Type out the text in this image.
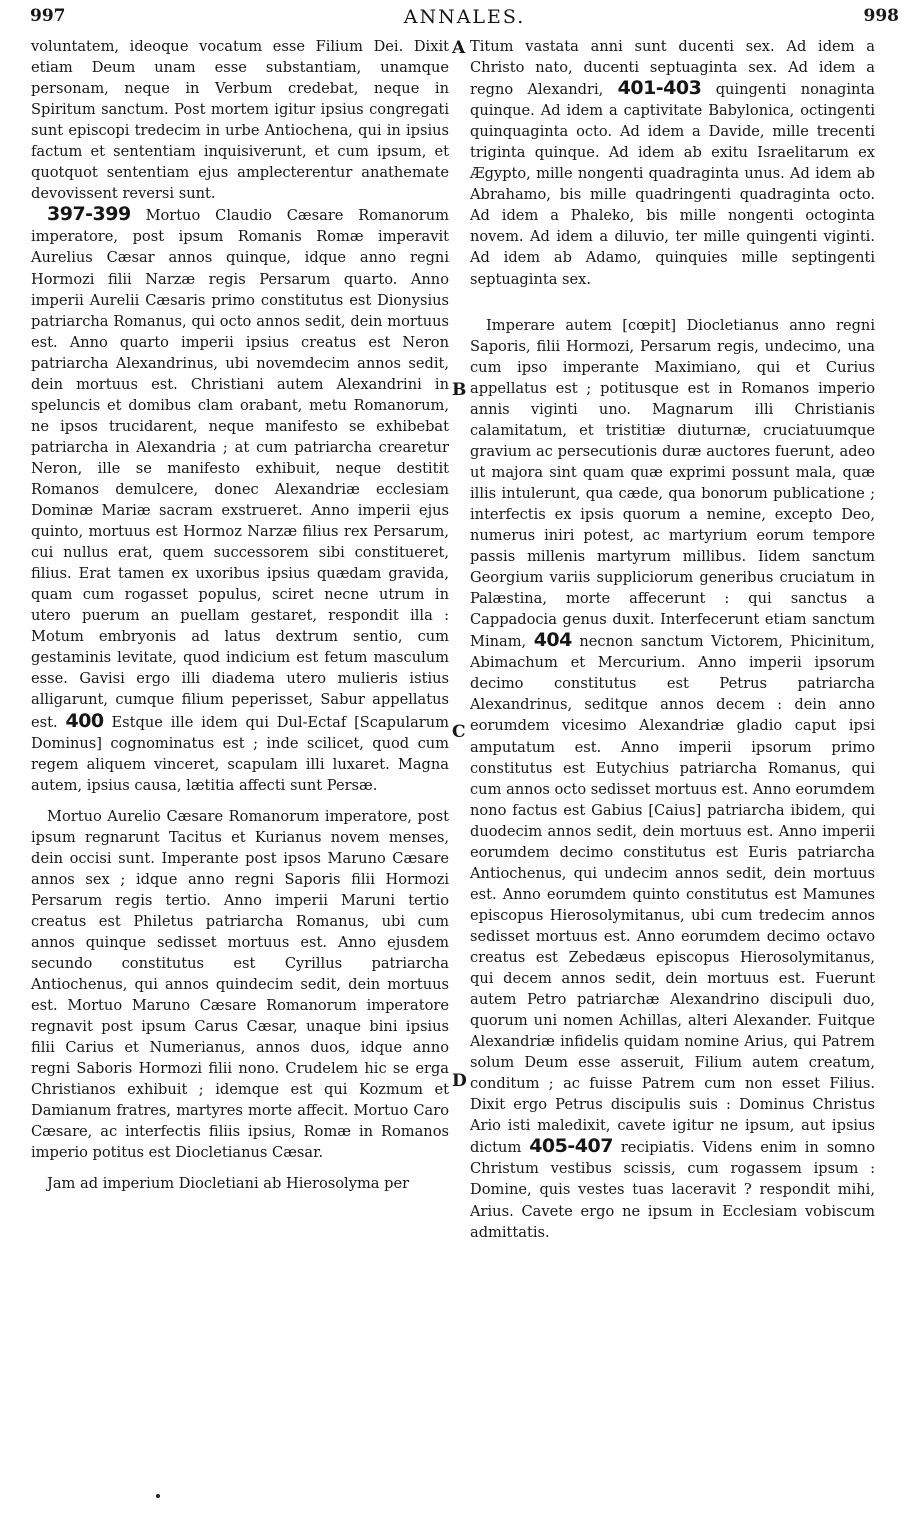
997	ANNALES.	998

voluntatem, ideoque vocatum esse Filium Dei. Dixit etiam Deum unam esse substantiam, unamque personam, neque in Verbum credebat, neque in Spiritum sanctum. Post mortem igitur ipsius congregati sunt episcopi tredecim in urbe Antiochena, qui in ipsius factum et sententiam inquisiverunt, et cum ipsum, et quotquot sententiam ejus amplecterentur anathemate devovissent reversi sunt.

397-399 Mortuo Claudio Cæsare Romanorum imperatore, post ipsum Romanis Romæ imperavit Aurelius Cæsar annos quinque, idque anno regni Hormozi filii Narzæ regis Persarum quarto. Anno imperii Aurelii Cæsaris primo constitutus est Dionysius patriarcha Romanus, qui octo annos sedit, dein mortuus est. Anno quarto imperii ipsius creatus est Neron patriarcha Alexandrinus, ubi novemdecim annos sedit, dein mortuus est. Christiani autem Alexandrini in speluncis et domibus clam orabant, metu Romanorum, ne ipsos trucidarent, neque manifesto se exhibebat patriarcha in Alexandria ; at cum patriarcha crearetur Neron, ille se manifesto exhibuit, neque destitit Romanos demulcere, donec Alexandriæ ecclesiam Dominæ Mariæ sacram exstrueret. Anno imperii ejus quinto, mortuus est Hormoz Narzæ filius rex Persarum, cui nullus erat, quem successorem sibi constitueret, filius. Erat tamen ex uxoribus ipsius quædam gravida, quam cum rogasset populus, sciret necne utrum in utero puerum an puellam gestaret, respondit illa : Motum embryonis ad latus dextrum sentio, cum gestaminis levitate, quod indicium est fetum masculum esse. Gavisi ergo illi diadema utero mulieris istius alligarunt, cumque filium peperisset, Sabur appellatus est. 400 Estque ille idem qui Dul-Ectaf [Scapularum Dominus] cognominatus est ; inde scilicet, quod cum regem aliquem vinceret, scapulam illi luxaret. Magna autem, ipsius causa, lætitia affecti sunt Persæ.

Mortuo Aurelio Cæsare Romanorum imperatore, post ipsum regnarunt Tacitus et Kurianus novem menses, dein occisi sunt. Imperante post ipsos Maruno Cæsare annos sex ; idque anno regni Saporis filii Hormozi Persarum regis tertio. Anno imperii Maruni tertio creatus est Philetus patriarcha Romanus, ubi cum annos quinque sedisset mortuus est. Anno ejusdem secundo constitutus est Cyrillus patriarcha Antiochenus, qui annos quindecim sedit, dein mortuus est. Mortuo Maruno Cæsare Romanorum imperatore regnavit post ipsum Carus Cæsar, unaque bini ipsius filii Carius et Numerianus, annos duos, idque anno regni Saboris Hormozi filii nono. Crudelem hic se erga Christianos exhibuit ; idemque est qui Kozmum et Damianum fratres, martyres morte affecit. Mortuo Caro Cæsare, ac interfectis filiis ipsius, Romæ in Romanos imperio potitus est Diocletianus Cæsar.

Jam ad imperium Diocletiani ab Hierosolyma per

Titum vastata anni sunt ducenti sex. Ad idem a Christo nato, ducenti septuaginta sex. Ad idem a regno Alexandri, 401-403 quingenti nonaginta quinque. Ad idem a captivitate Babylonica, octingenti quinquaginta octo. Ad idem a Davide, mille trecenti triginta quinque. Ad idem ab exitu Israelitarum ex Ægypto, mille nongenti quadraginta unus. Ad idem ab Abrahamo, bis mille quadringenti quadraginta octo. Ad idem a Phaleko, bis mille nongenti octoginta novem. Ad idem a diluvio, ter mille quingenti viginti. Ad idem ab Adamo, quinquies mille septingenti septuaginta sex.

Imperare autem [cœpit] Diocletianus anno regni Saporis, filii Hormozi, Persarum regis, undecimo, una cum ipso imperante Maximiano, qui et Curius appellatus est ; potitusque est in Romanos imperio annis viginti uno. Magnarum illi Christianis calamitatum, et tristitiæ diuturnæ, cruciatuumque gravium ac persecutionis duræ auctores fuerunt, adeo ut majora sint quam quæ exprimi possunt mala, quæ illis intulerunt, qua cæde, qua bonorum publicatione ; interfectis ex ipsis quorum a nemine, excepto Deo, numerus iniri potest, ac martyrium eorum tempore passis millenis martyrum millibus. Iidem sanctum Georgium variis suppliciorum generibus cruciatum in Palæstina, morte affecerunt : qui sanctus a Cappadocia genus duxit. Interfecerunt etiam sanctum Minam, 404 necnon sanctum Victorem, Phicinitum, Abimachum et Mercurium. Anno imperii ipsorum decimo constitutus est Petrus patriarcha Alexandrinus, seditque annos decem : dein anno eorumdem vicesimo Alexandriæ gladio caput ipsi amputatum est. Anno imperii ipsorum primo constitutus est Eutychius patriarcha Romanus, qui cum annos octo sedisset mortuus est. Anno eorumdem nono factus est Gabius [Caius] patriarcha ibidem, qui duodecim annos sedit, dein mortuus est. Anno imperii eorumdem decimo constitutus est Euris patriarcha Antiochenus, qui undecim annos sedit, dein mortuus est. Anno eorumdem quinto constitutus est Mamunes episcopus Hierosolymitanus, ubi cum tredecim annos sedisset mortuus est. Anno eorumdem decimo octavo creatus est Zebedæus episcopus Hierosolymitanus, qui decem annos sedit, dein mortuus est. Fuerunt autem Petro patriarchæ Alexandrino discipuli duo, quorum uni nomen Achillas, alteri Alexander. Fuitque Alexandriæ infidelis quidam nomine Arius, qui Patrem solum Deum esse asseruit, Filium autem creatum, conditum ; ac fuisse Patrem cum non esset Filius. Dixit ergo Petrus discipulis suis : Dominus Christus Ario isti maledixit, cavete igitur ne ipsum, aut ipsius dictum 405-407 recipiatis. Videns enim in somno Christum vestibus scissis, cum rogassem ipsum : Domine, quis vestes tuas laceravit ? respondit mihi, Arius. Cavete ergo ne ipsum in Ecclesiam vobiscum admittatis.

A
B
C
D
